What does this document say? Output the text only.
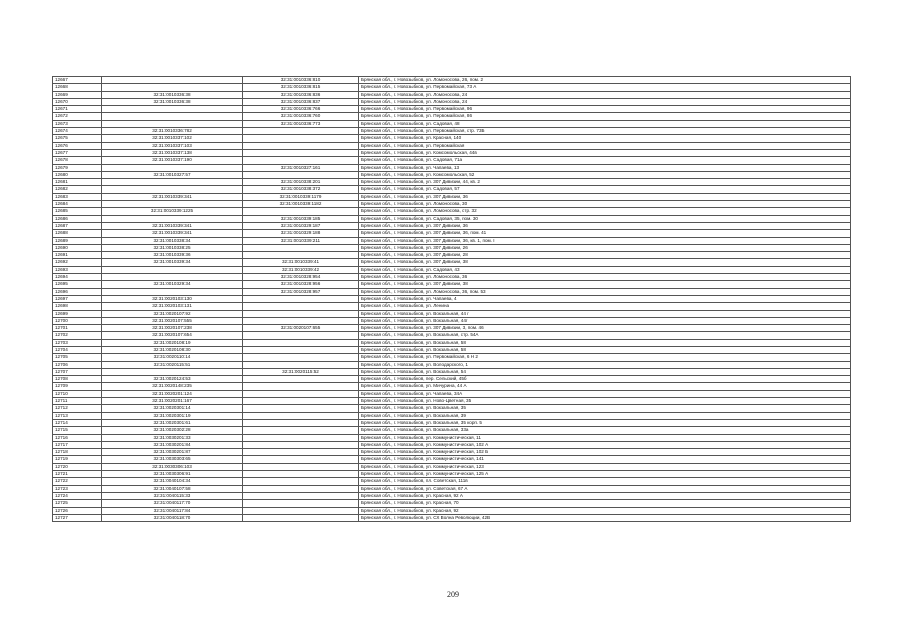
12667		32:31:0010336:810	Брянская обл., г. Новозыбков, ул. Ломоносова, 26, пом. 2
12668		32:31:0010336:815	Брянская обл., г. Новозыбков, ул. Первомайская, 73 А
12669	32:31:0010336:38	32:31:0010336:836	Брянская обл., г. Новозыбков, ул. Ломоносова, 24
12670	32:31:0010336:38	32:31:0010336:837	Брянская обл., г. Новозыбков, ул. Ломоносова, 24
12671		32:31:0010336:766	Брянская обл., г. Новозыбков, ул. Первомайская, 96
12672		32:31:0010336:760	Брянская обл., г. Новозыбков, ул. Первомайская, 86
12673		32:31:0010336:773	Брянская обл., г. Новозыбков, ул. Садовая, 48
12674	32:31:0010336:782		Брянская обл., г. Новозыбков, ул. Первомайская, стр. 73Б
12675	32:31:0010337:102		Брянская обл., г. Новозыбков, ул. Красная, 140
12676	32:31:0010337:103		Брянская обл., г. Новозыбков, ул. Первомайская
12677	32:31:0010337:138		Брянская обл., г. Новозыбков, ул. Комсомольская, 44в
12678	32:31:0010337:190		Брянская обл., г. Новозыбков, ул. Садовая, 71а
12679		32:31:0010327:161	Брянская обл., г. Новозыбков, ул. Чапаева, 13
12680	32:31:0010327:57		Брянская обл., г. Новозыбков, ул. Комсомольская, 52
12681		32:31:0010338:201	Брянская обл., г. Новозыбков, ул. 307 Дивизии, 44, кв. 2
12682		32:31:0010338:372	Брянская обл., г. Новозыбков, ул. Садовая, 57
12683	32:31:0010339:341	32:31:0010339:1179	Брянская обл., г. Новозыбков, ул. 307 Дивизии, 36
12684		32:31:0010339:1182	Брянская обл., г. Новозыбков, ул. Ломоносова, 30
12685	32:31:0010339:1225		Брянская обл., г. Новозыбков, ул. Ломоносова, стр. 32
12686		32:31:0010339:185	Брянская обл., г. Новозыбков, ул. Садовая, 35, пом. 30
12687	32:31:0010339:341	32:31:0010329:187	Брянская обл., г. Новозыбков, ул. 307 Дивизии, 36
12688	32:31:0010339:341	32:31:0010329:188	Брянская обл., г. Новозыбков, ул. 307 Дивизии, 36, пом. 41
12689	32:31:0010338:34	32:31:0010339:211	Брянская обл., г. Новозыбков, ул. 307 Дивизии, 36, кв. 1, пом. I
12690	32:31:0010338:25		Брянская обл., г. Новозыбков, ул. 307 Дивизии, 26
12691	32:31:0010339:36		Брянская обл., г. Новозыбков, ул. 307 Дивизии, 28
12692	32:31:0010339:34	32:31:0010339:41	Брянская обл., г. Новозыбков, ул. 307 Дивизии, 38
12693		32:31:0010339:42	Брянская обл., г. Новозыбков, ул. Садовая, 43
12694		32:31:0010328:954	Брянская обл., г. Новозыбков, ул. Ломоносова, 36
12695	32:31:0010329:34	32:31:0010328:956	Брянская обл., г. Новозыбков, ул. 307 Дивизии, 38
12696		32:31:0010328:957	Брянская обл., г. Новозыбков, ул. Ломоносова, 36, пом. 53
12697	32:31:0020103:130		Брянская обл., г. Новозыбков, ул. Чапаева, 4
12698	32:31:0020103:131		Брянская обл., г. Новозыбков, ул. Ленина
12699	32:31:0020107:92		Брянская обл., г. Новозыбков, ул. Вокзальная, 44 г
12700	32:31:0020107:555		Брянская обл., г. Новозыбков, ул. Вокзальная, 44г
12701	32:31:0020107:238	32:31:0020107:655	Брянская обл., г. Новозыбков, ул. 307 Дивизии, 3, пом. 46
12702	32:31:0020107:654		Брянская обл., г. Новозыбков, ул. Вокзальная, стр. 54А
12703	32:31:0020108:19		Брянская обл., г. Новозыбков, ул. Вокзальная, 58
12704	32:31:0020108:30		Брянская обл., г. Новозыбков, ул. Вокзальная, 58
12705	32:31:0020110:14		Брянская обл., г. Новозыбков, ул. Первомайская, 6 Н 2
12706	32:31:0020115:51		Брянская обл., г. Новозыбков, ул. Володарского, 1
12707		32:31:0020115:52	Брянская обл., г. Новозыбков, ул. Вокзальная, 54
12708	32:31:0020124:53		Брянская обл., г. Новозыбков, пер. Сельский, 45б
12709	32:31:0020148:235		Брянская обл., г. Новозыбков, ул. Мичурина, 44 А
12710	32:31:0020201:124		Брянская обл., г. Новозыбков, ул. Чапаева, 34А
12711	32:31:0020201:167		Брянская обл., г. Новозыбков, ул. Ново-Цветная, 35
12712	32:31:0020301:14		Брянская обл., г. Новозыбков, ул. Вокзальная, 35
12713	32:31:0020301:19		Брянская обл., г. Новозыбков, ул. Вокзальная, 39
12714	32:31:0020301:61		Брянская обл., г. Новозыбков, ул. Вокзальная, 35 корп. 5
12715	32:31:0020302:28		Брянская обл., г. Новозыбков, ул. Вокзальная, 33а
12716	32:31:0030201:33		Брянская обл., г. Новозыбков, ул. Коммунистическая, 11
12717	32:31:0030201:84		Брянская обл., г. Новозыбков, ул. Коммунистическая, 102 А
12718	32:31:0030201:87		Брянская обл., г. Новозыбков, ул. Коммунистическая, 102 Б
12719	32:31:0030303:65		Брянская обл., г. Новозыбков, ул. Коммунистическая, 141
12720	32:31:0030306:103		Брянская обл., г. Новозыбков, ул. Коммунистическая, 123
12721	32:31:0030306:91		Брянская обл., г. Новозыбков, ул. Коммунистическая, 125 А
12722	32:31:0040104:34		Брянская обл., г. Новозыбков, пл. Советская, 111в
12723	32:31:0040107:58		Брянская обл., г. Новозыбков, ул. Советская, 67 А
12724	32:31:0040115:33		Брянская обл., г. Новозыбков, ул. Красная, 92 А
12725	32:31:0040117:70		Брянская обл., г. Новозыбков, ул. Красная, 70
12726	32:31:0040117:84		Брянская обл., г. Новозыбков, ул. Красная, 92
12727	32:31:0040118:70		Брянская обл., г. Новозыбков, ул. СХ Волна Революции, 42В
209
